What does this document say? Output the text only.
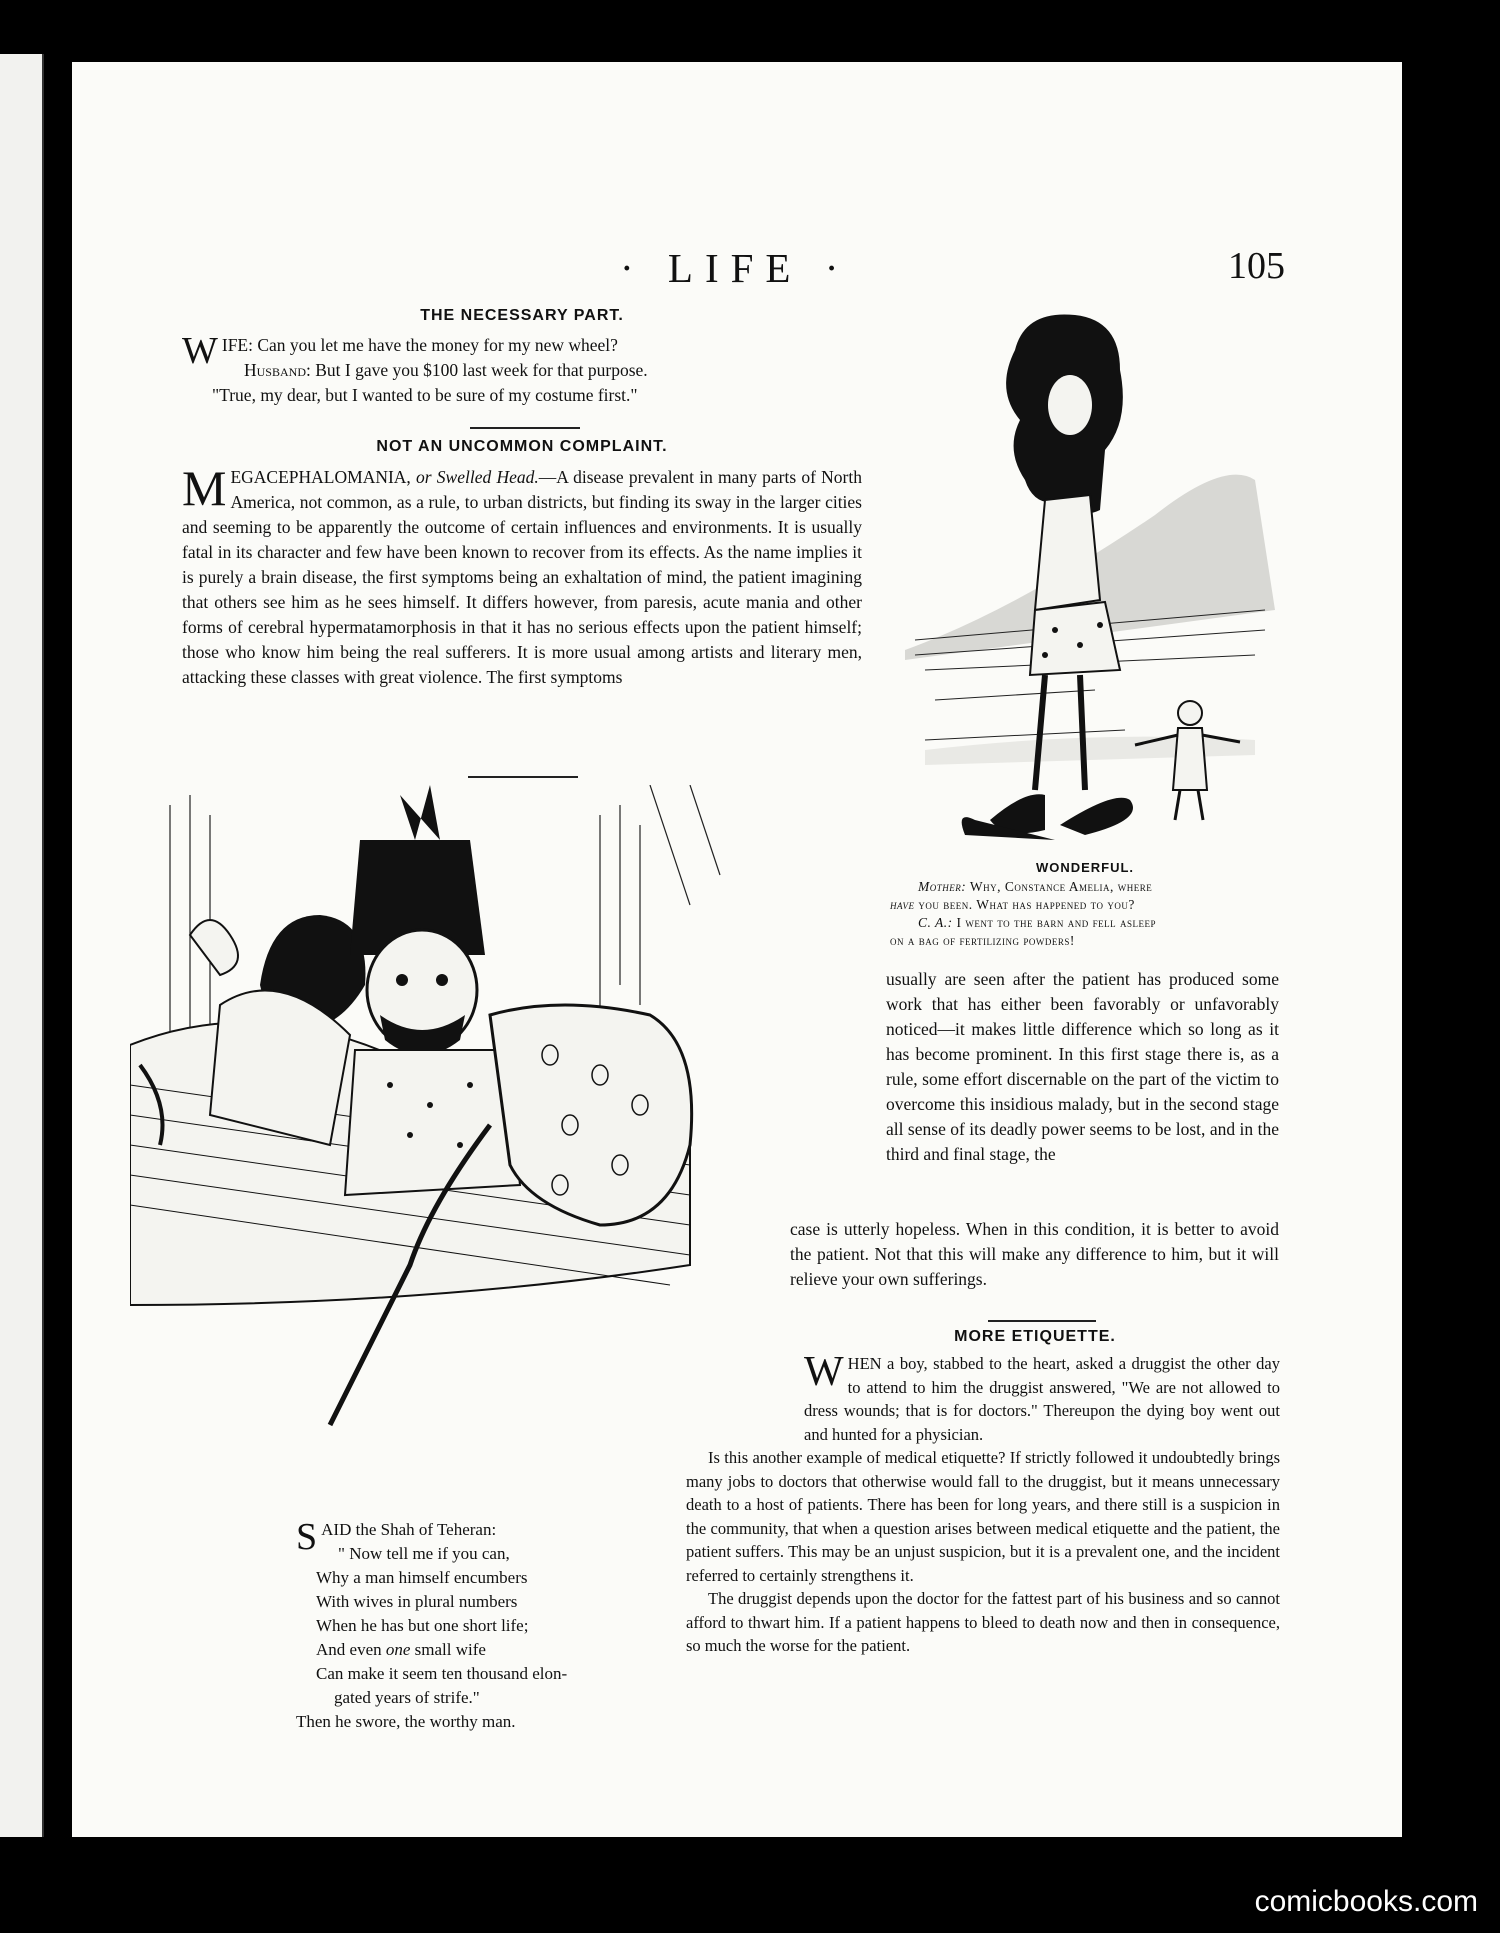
· LIFE ·	105
THE NECESSARY PART.
WIFE: Can you let me have the money for my new wheel?
Husband: But I gave you $100 last week for that purpose.
"True, my dear, but I wanted to be sure of my costume first."
NOT AN UNCOMMON COMPLAINT.
MEGACEPHALOMANIA, or Swelled Head.—A disease prevalent in many parts of North America, not common, as a rule, to urban districts, but finding its sway in the larger cities and seeming to be apparently the outcome of certain influences and environments. It is usually fatal in its character and few have been known to recover from its effects. As the name implies it is purely a brain disease, the first symptoms being an exhaltation of mind, the patient imagining that others see him as he sees himself. It differs however, from paresis, acute mania and other forms of cerebral hypermatamorphosis in that it has no serious effects upon the patient himself; those who know him being the real sufferers. It is more usual among artists and literary men, attacking these classes with great violence. The first symptoms
WONDERFUL.
Mother: Why, Constance Amelia, where
have you been. What has happened to you?
C. A.: I went to the barn and fell asleep
on a bag of fertilizing powders!
usually are seen after the patient has produced some work that has either been favorably or unfavorably noticed—it makes little difference which so long as it has become prominent. In this first stage there is, as a rule, some effort discernable on the part of the victim to overcome this insidious malady, but in the second stage all sense of its deadly power seems to be lost, and in the third and final stage, the
case is utterly hopeless. When in this condition, it is better to avoid the patient. Not that this will make any difference to him, but it will relieve your own sufferings.
SAID the Shah of Teheran:
" Now tell me if you can,
Why a man himself encumbers
With wives in plural numbers
When he has but one short life;
And even one small wife
Can make it seem ten thousand elon-
gated years of strife."
Then he swore, the worthy man.
MORE ETIQUETTE.
WHEN a boy, stabbed to the heart, asked a druggist the other day to attend to him the druggist answered, "We are not allowed to dress wounds; that is for doctors." Thereupon the dying boy went out and hunted for a physician.
Is this another example of medical etiquette? If strictly followed it undoubtedly brings many jobs to doctors that otherwise would fall to the druggist, but it means unnecessary death to a host of patients. There has been for long years, and there still is a suspicion in the community, that when a question arises between medical etiquette and the patient, the patient suffers. This may be an unjust suspicion, but it is a prevalent one, and the incident referred to certainly strengthens it.
The druggist depends upon the doctor for the fattest part of his business and so cannot afford to thwart him. If a patient happens to bleed to death now and then in consequence, so much the worse for the patient.
comicbooks.com
